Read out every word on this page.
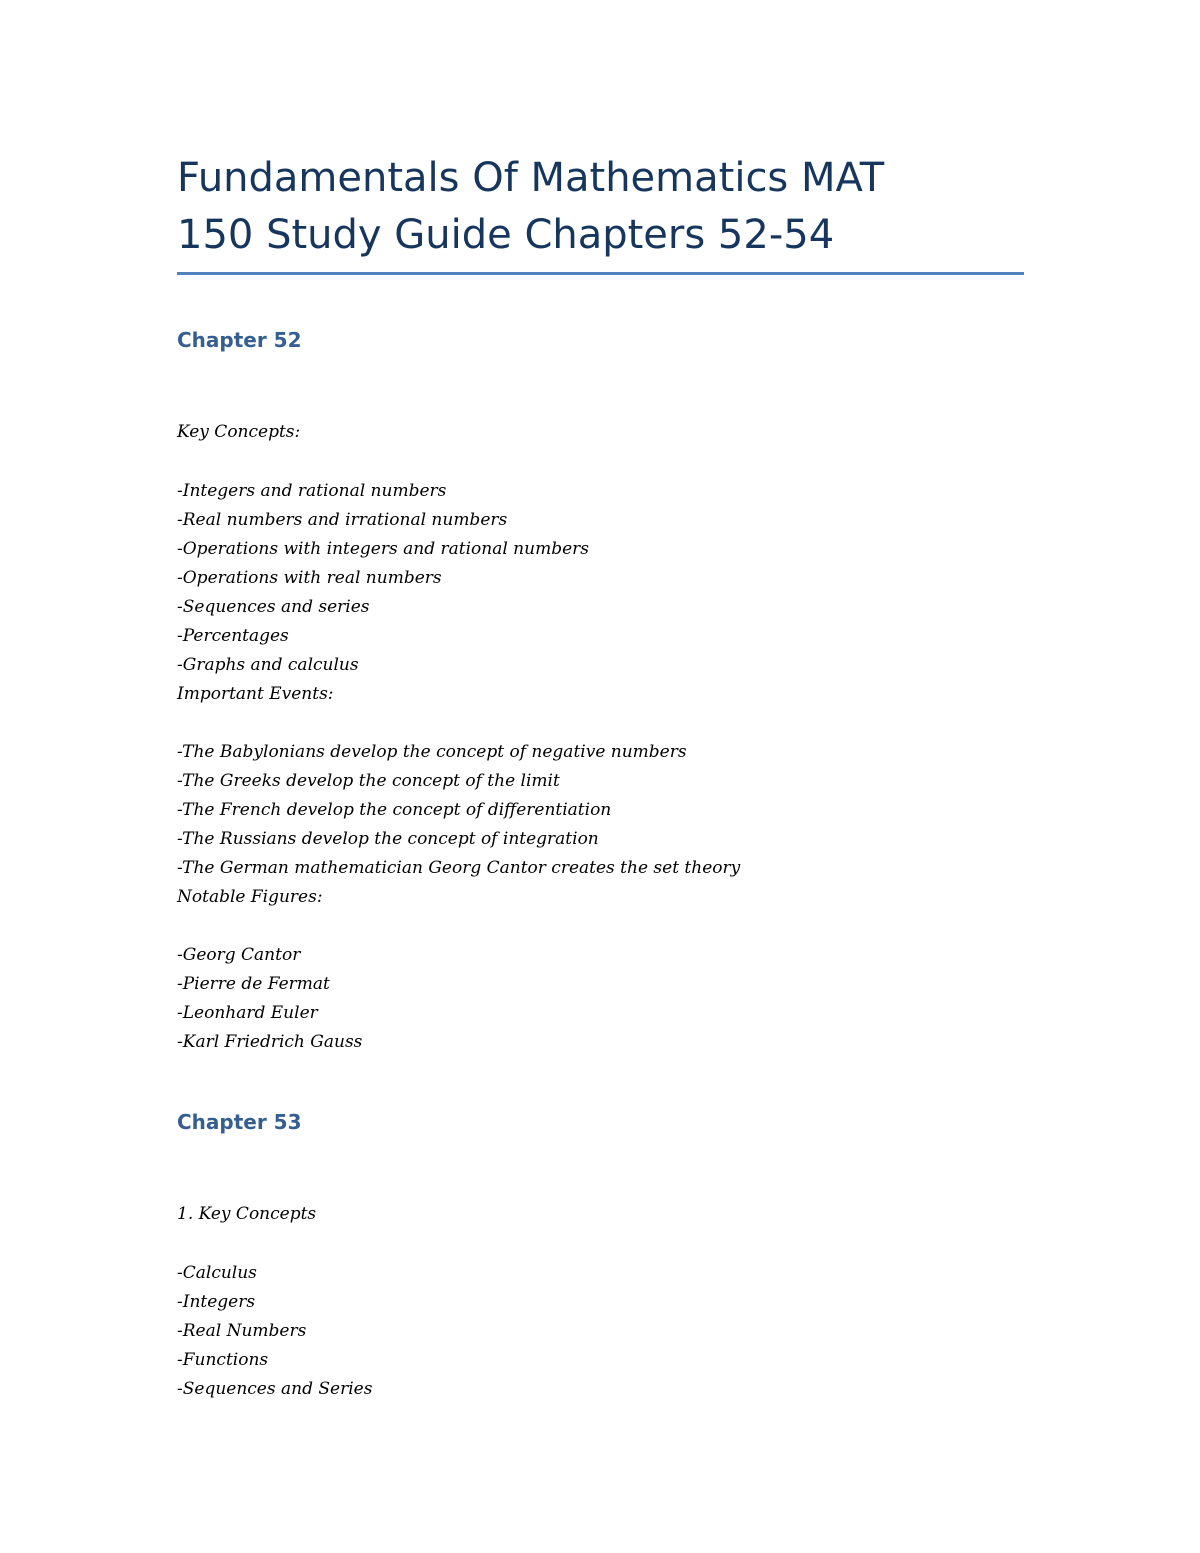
Fundamentals Of Mathematics MAT
150 Study Guide Chapters 52-54
Chapter 52

Key Concepts:

-Integers and rational numbers

-Real numbers and irrational numbers

-Operations with integers and rational numbers

-Operations with real numbers

-Sequences and series

-Percentages

-Graphs and calculus

Important Events:

-The Babylonians develop the concept of negative numbers

-The Greeks develop the concept of the limit

-The French develop the concept of differentiation

-The Russians develop the concept of integration

-The German mathematician Georg Cantor creates the set theory

Notable Figures:

-Georg Cantor

-Pierre de Fermat

-Leonhard Euler

-Karl Friedrich Gauss

Chapter 53

1. Key Concepts

-Calculus

-Integers

-Real Numbers

-Functions

-Sequences and Series
